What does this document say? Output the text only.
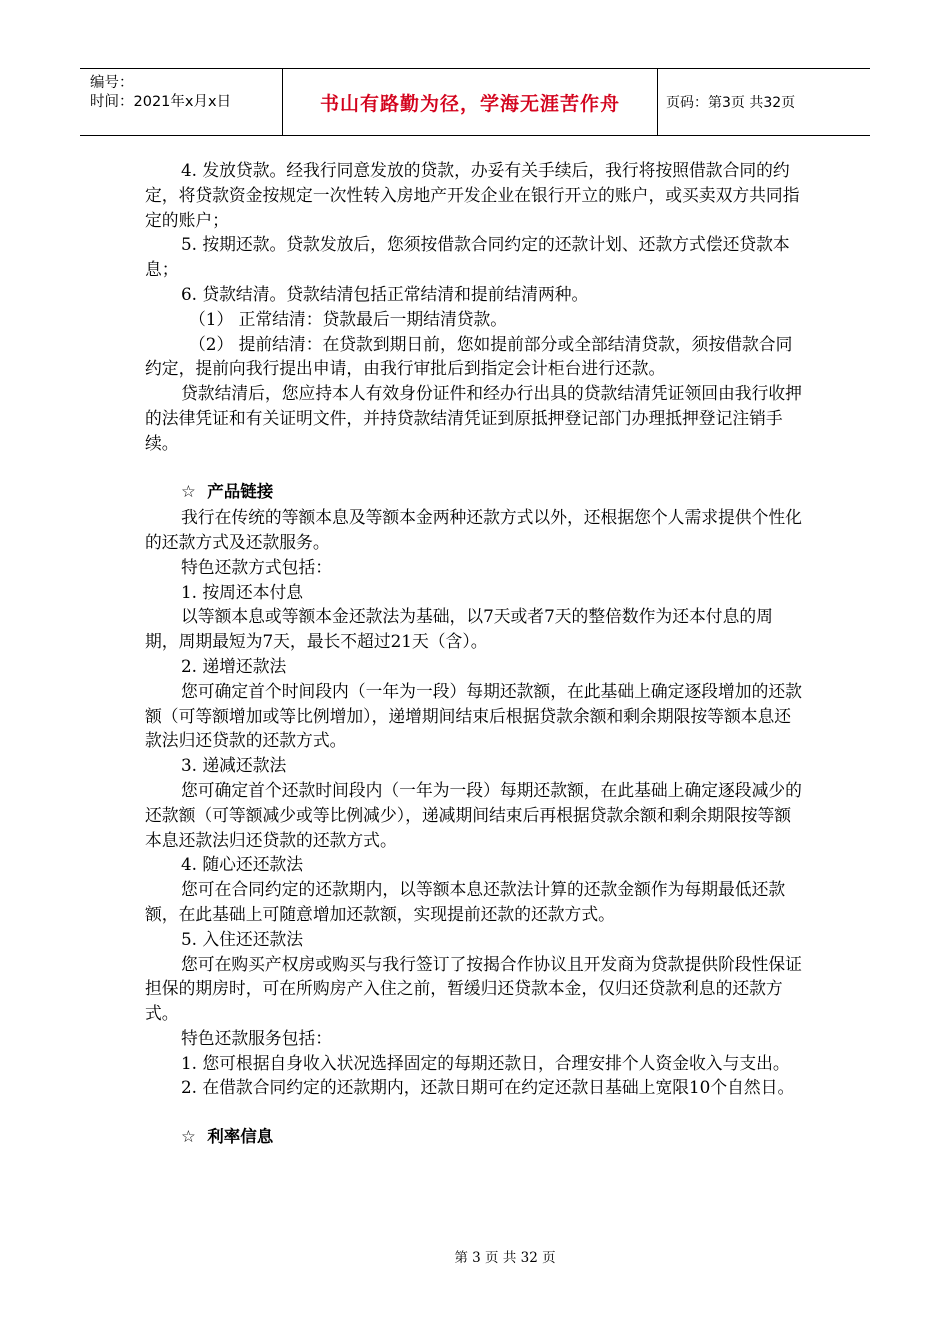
编号：
时间：2021年x月x日	书山有路勤为径，学海无涯苦作舟	页码：第3页 共32页

4. 发放贷款。经我行同意发放的贷款，办妥有关手续后，我行将按照借款合同的约定，将贷款资金按规定一次性转入房地产开发企业在银行开立的账户，或买卖双方共同指定的账户；

5. 按期还款。贷款发放后，您须按借款合同约定的还款计划、还款方式偿还贷款本息；

6. 贷款结清。贷款结清包括正常结清和提前结清两种。

（1） 正常结清：贷款最后一期结清贷款。

（2） 提前结清：在贷款到期日前，您如提前部分或全部结清贷款，须按借款合同约定，提前向我行提出申请，由我行审批后到指定会计柜台进行还款。

贷款结清后，您应持本人有效身份证件和经办行出具的贷款结清凭证领回由我行收押的法律凭证和有关证明文件，并持贷款结清凭证到原抵押登记部门办理抵押登记注销手续。

☆  产品链接

我行在传统的等额本息及等额本金两种还款方式以外，还根据您个人需求提供个性化的还款方式及还款服务。

特色还款方式包括：

1. 按周还本付息

以等额本息或等额本金还款法为基础，以7天或者7天的整倍数作为还本付息的周期，周期最短为7天，最长不超过21天（含）。

2. 递增还款法

您可确定首个时间段内（一年为一段）每期还款额，在此基础上确定逐段增加的还款额（可等额增加或等比例增加），递增期间结束后根据贷款余额和剩余期限按等额本息还款法归还贷款的还款方式。

3. 递减还款法

您可确定首个还款时间段内（一年为一段）每期还款额，在此基础上确定逐段减少的还款额（可等额减少或等比例减少），递减期间结束后再根据贷款余额和剩余期限按等额本息还款法归还贷款的还款方式。

4. 随心还还款法

您可在合同约定的还款期内，以等额本息还款法计算的还款金额作为每期最低还款额，在此基础上可随意增加还款额，实现提前还款的还款方式。

5. 入住还还款法

您可在购买产权房或购买与我行签订了按揭合作协议且开发商为贷款提供阶段性保证担保的期房时，可在所购房产入住之前，暂缓归还贷款本金，仅归还贷款利息的还款方式。

特色还款服务包括：

1. 您可根据自身收入状况选择固定的每期还款日，合理安排个人资金收入与支出。

2. 在借款合同约定的还款期内，还款日期可在约定还款日基础上宽限10个自然日。

☆  利率信息

第 3 页 共 32 页
